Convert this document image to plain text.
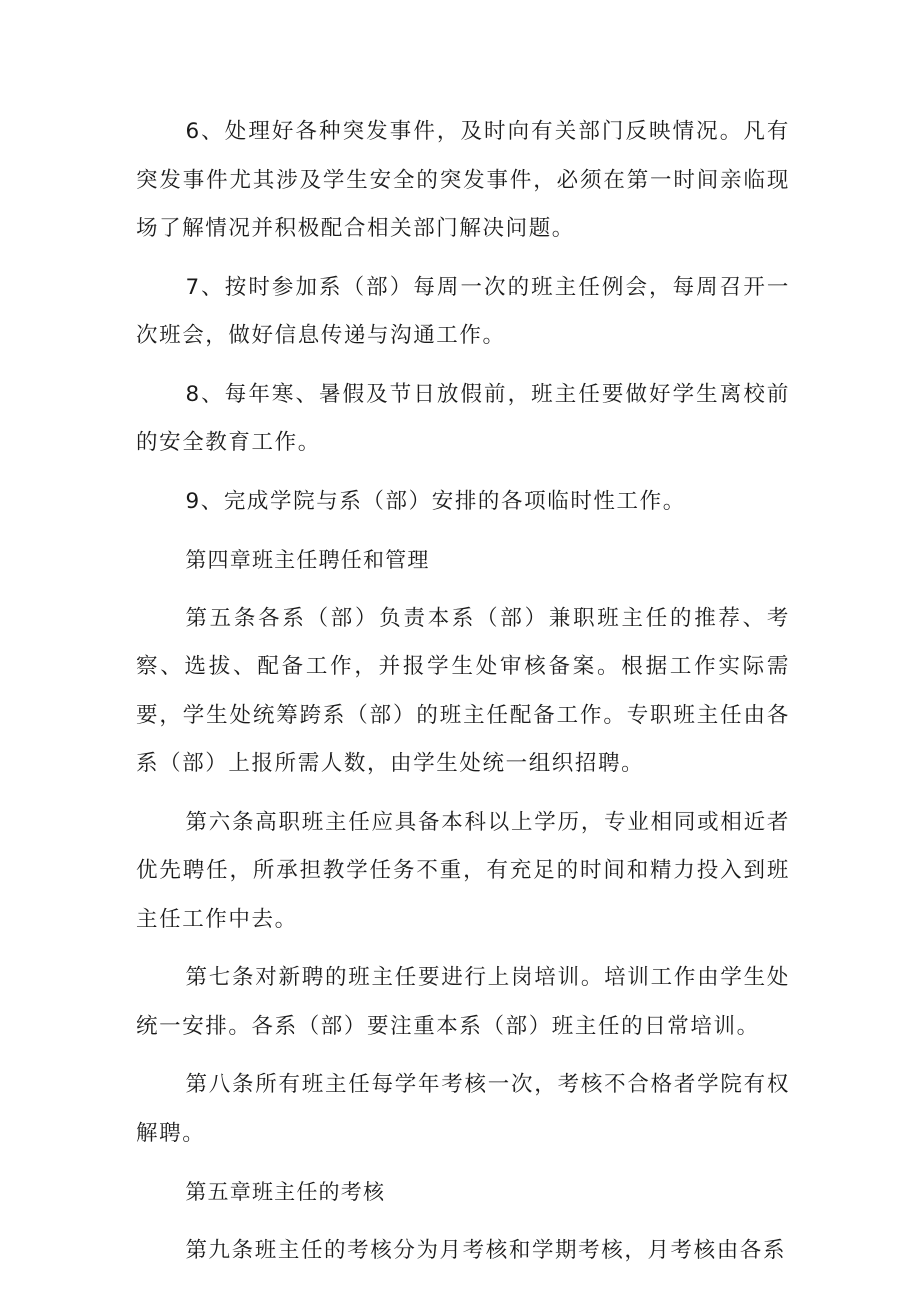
6、处理好各种突发事件，及时向有关部门反映情况。凡有突发事件尤其涉及学生安全的突发事件，必须在第一时间亲临现场了解情况并积极配合相关部门解决问题。

7、按时参加系（部）每周一次的班主任例会，每周召开一次班会，做好信息传递与沟通工作。

8、每年寒、暑假及节日放假前，班主任要做好学生离校前的安全教育工作。

9、完成学院与系（部）安排的各项临时性工作。

第四章班主任聘任和管理

第五条各系（部）负责本系（部）兼职班主任的推荐、考察、选拔、配备工作，并报学生处审核备案。根据工作实际需要，学生处统筹跨系（部）的班主任配备工作。专职班主任由各系（部）上报所需人数，由学生处统一组织招聘。

第六条高职班主任应具备本科以上学历，专业相同或相近者优先聘任，所承担教学任务不重，有充足的时间和精力投入到班主任工作中去。

第七条对新聘的班主任要进行上岗培训。培训工作由学生处统一安排。各系（部）要注重本系（部）班主任的日常培训。

第八条所有班主任每学年考核一次，考核不合格者学院有权解聘。

第五章班主任的考核

第九条班主任的考核分为月考核和学期考核，月考核由各系
